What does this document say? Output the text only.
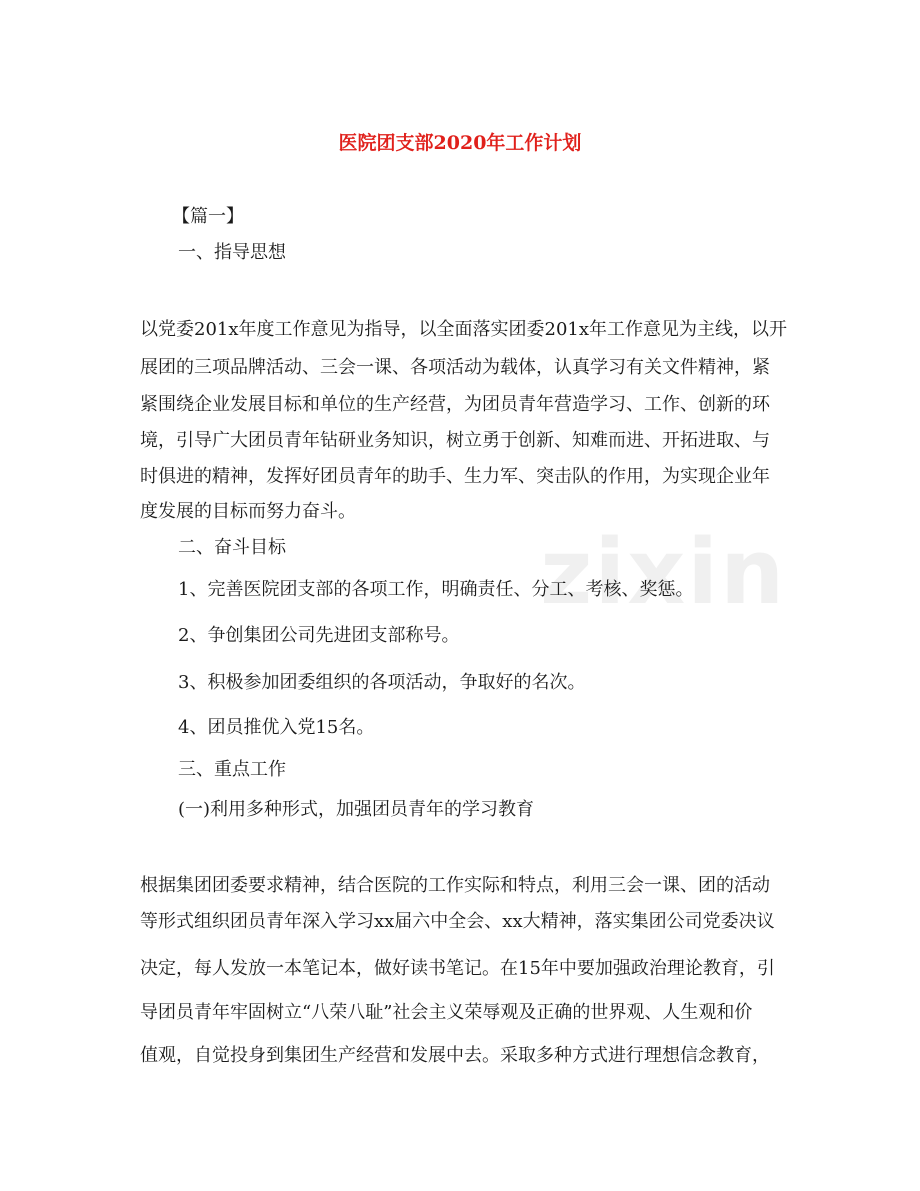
zixin
医院团支部2020年工作计划
【篇一】
一、指导思想
以党委201x年度工作意见为指导，以全面落实团委201x年工作意见为主线，以开
展团的三项品牌活动、三会一课、各项活动为载体，认真学习有关文件精神，紧
紧围绕企业发展目标和单位的生产经营，为团员青年营造学习、工作、创新的环
境，引导广大团员青年钻研业务知识，树立勇于创新、知难而进、开拓进取、与
时俱进的精神，发挥好团员青年的助手、生力军、突击队的作用，为实现企业年
度发展的目标而努力奋斗。
二、奋斗目标
1、完善医院团支部的各项工作，明确责任、分工、考核、奖惩。
2、争创集团公司先进团支部称号。
3、积极参加团委组织的各项活动，争取好的名次。
4、团员推优入党15名。
三、重点工作
(一)利用多种形式，加强团员青年的学习教育
根据集团团委要求精神，结合医院的工作实际和特点，利用三会一课、团的活动
等形式组织团员青年深入学习xx届六中全会、xx大精神，落实集团公司党委决议
决定，每人发放一本笔记本，做好读书笔记。在15年中要加强政治理论教育，引
导团员青年牢固树立“八荣八耻”社会主义荣辱观及正确的世界观、人生观和价
值观，自觉投身到集团生产经营和发展中去。采取多种方式进行理想信念教育，
